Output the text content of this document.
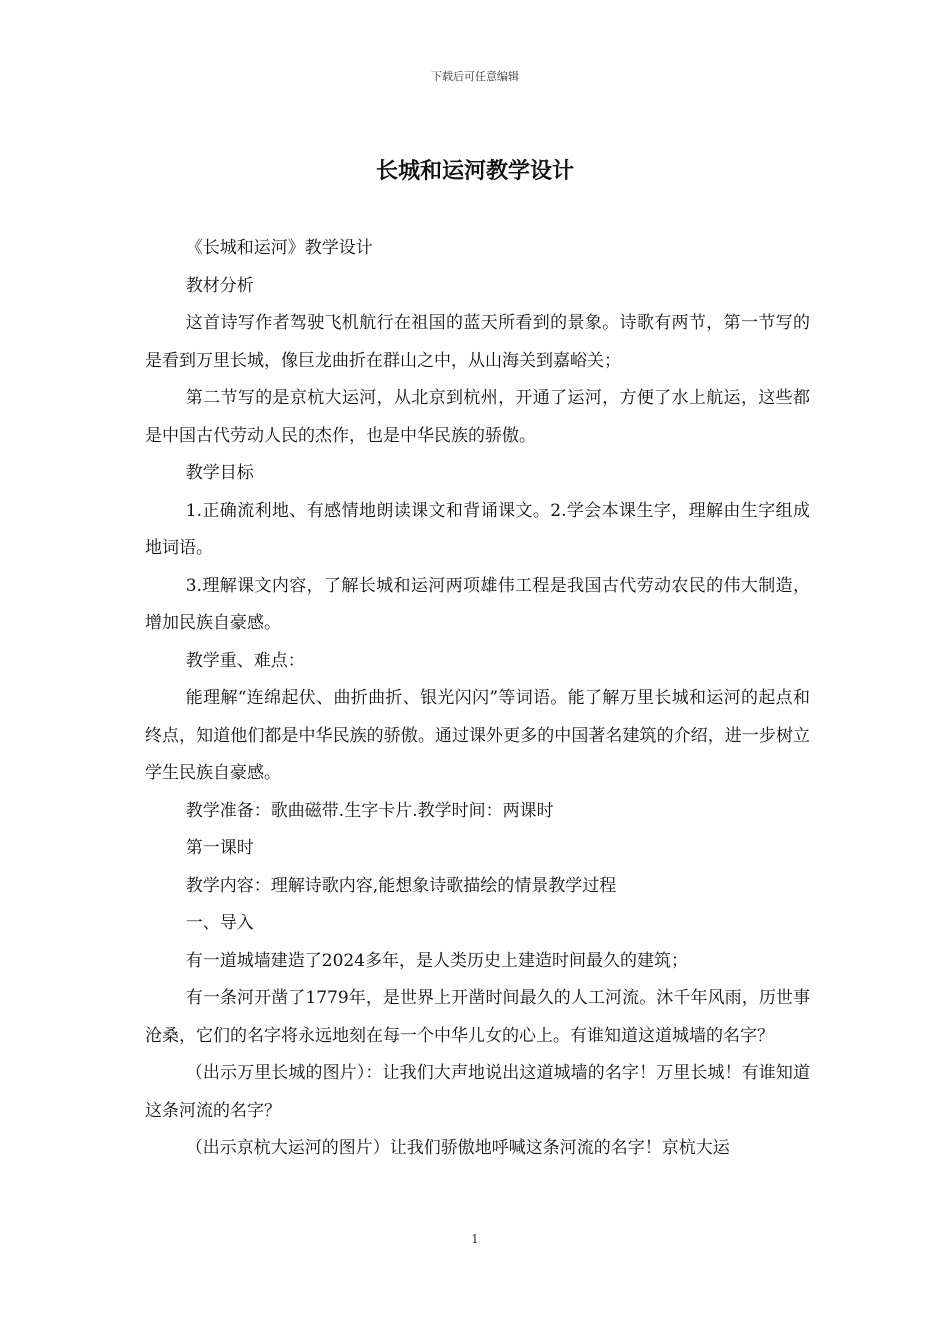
下载后可任意编辑
长城和运河教学设计

《长城和运河》教学设计

教材分析

这首诗写作者驾驶飞机航行在祖国的蓝天所看到的景象。诗歌有两节，第一节写的是看到万里长城，像巨龙曲折在群山之中，从山海关到嘉峪关；

第二节写的是京杭大运河，从北京到杭州，开通了运河，方便了水上航运，这些都是中国古代劳动人民的杰作，也是中华民族的骄傲。

教学目标

1.正确流利地、有感情地朗读课文和背诵课文。2.学会本课生字，理解由生字组成地词语。

3.理解课文内容，了解长城和运河两项雄伟工程是我国古代劳动农民的伟大制造，增加民族自豪感。

教学重、难点：

能理解“连绵起伏、曲折曲折、银光闪闪”等词语。能了解万里长城和运河的起点和终点，知道他们都是中华民族的骄傲。通过课外更多的中国著名建筑的介绍，进一步树立学生民族自豪感。

教学准备：歌曲磁带.生字卡片.教学时间：两课时

第一课时

教学内容：理解诗歌内容,能想象诗歌描绘的情景教学过程

一、导入

有一道城墙建造了2024多年，是人类历史上建造时间最久的建筑；

有一条河开凿了1779年，是世界上开凿时间最久的人工河流。沐千年风雨，历世事沧桑，它们的名字将永远地刻在每一个中华儿女的心上。有谁知道这道城墙的名字？

（出示万里长城的图片）：让我们大声地说出这道城墙的名字！万里长城！有谁知道这条河流的名字？

（出示京杭大运河的图片）让我们骄傲地呼喊这条河流的名字！京杭大运

1
